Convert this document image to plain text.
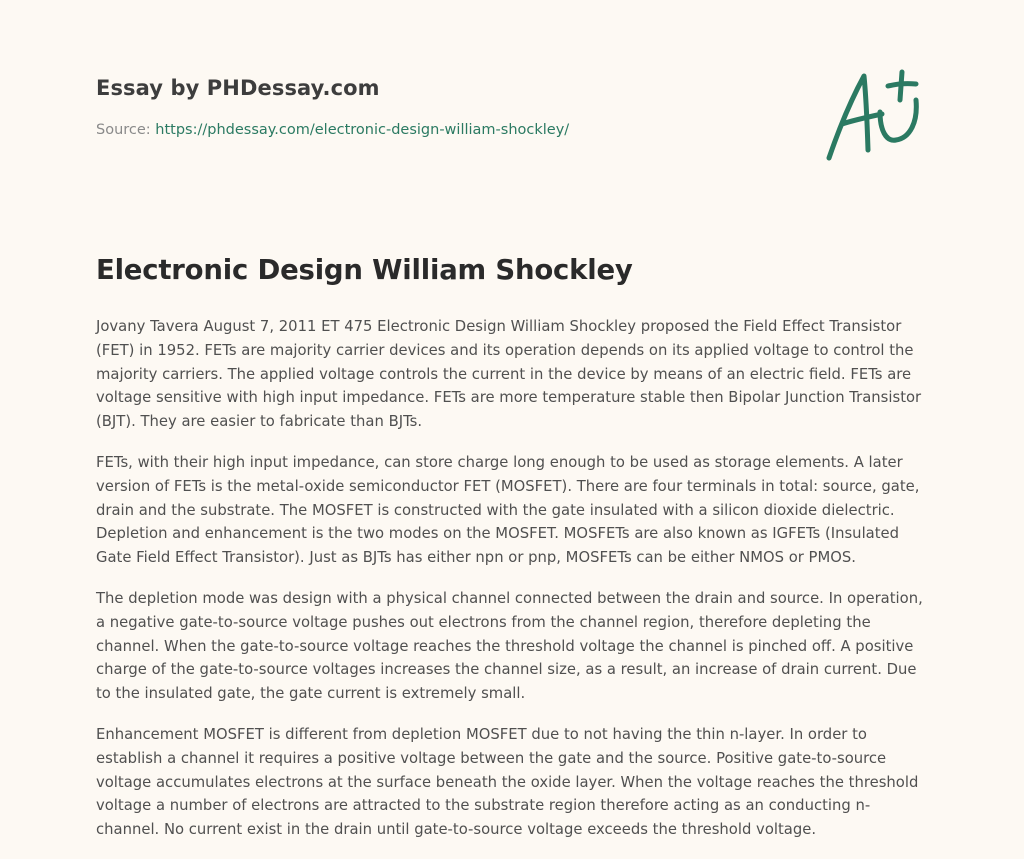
Essay by PHDessay.com
Source: https://phdessay.com/electronic-design-william-shockley/
Electronic Design William Shockley

Jovany Tavera August 7, 2011 ET 475 Electronic Design William Shockley proposed the Field Effect Transistor (FET) in 1952. FETs are majority carrier devices and its operation depends on its applied voltage to control the majority carriers. The applied voltage controls the current in the device by means of an electric field. FETs are voltage sensitive with high input impedance. FETs are more temperature stable then Bipolar Junction Transistor (BJT). They are easier to fabricate than BJTs.

FETs, with their high input impedance, can store charge long enough to be used as storage elements. A later version of FETs is the metal-oxide semiconductor FET (MOSFET). There are four terminals in total: source, gate, drain and the substrate. The MOSFET is constructed with the gate insulated with a silicon dioxide dielectric. Depletion and enhancement is the two modes on the MOSFET. MOSFETs are also known as IGFETs (Insulated Gate Field Effect Transistor). Just as BJTs has either npn or pnp, MOSFETs can be either NMOS or PMOS.

The depletion mode was design with a physical channel connected between the drain and source. In operation, a negative gate-to-source voltage pushes out electrons from the channel region, therefore depleting the channel. When the gate-to-source voltage reaches the threshold voltage the channel is pinched off. A positive charge of the gate-to-source voltages increases the channel size, as a result, an increase of drain current. Due to the insulated gate, the gate current is extremely small.

Enhancement MOSFET is different from depletion MOSFET due to not having the thin n-layer. In order to establish a channel it requires a positive voltage between the gate and the source. Positive gate-to-source voltage accumulates electrons at the surface beneath the oxide layer. When the voltage reaches the threshold voltage a number of electrons are attracted to the substrate region therefore acting as an conducting n-channel. No current exist in the drain until gate-to-source voltage exceeds the threshold voltage.
